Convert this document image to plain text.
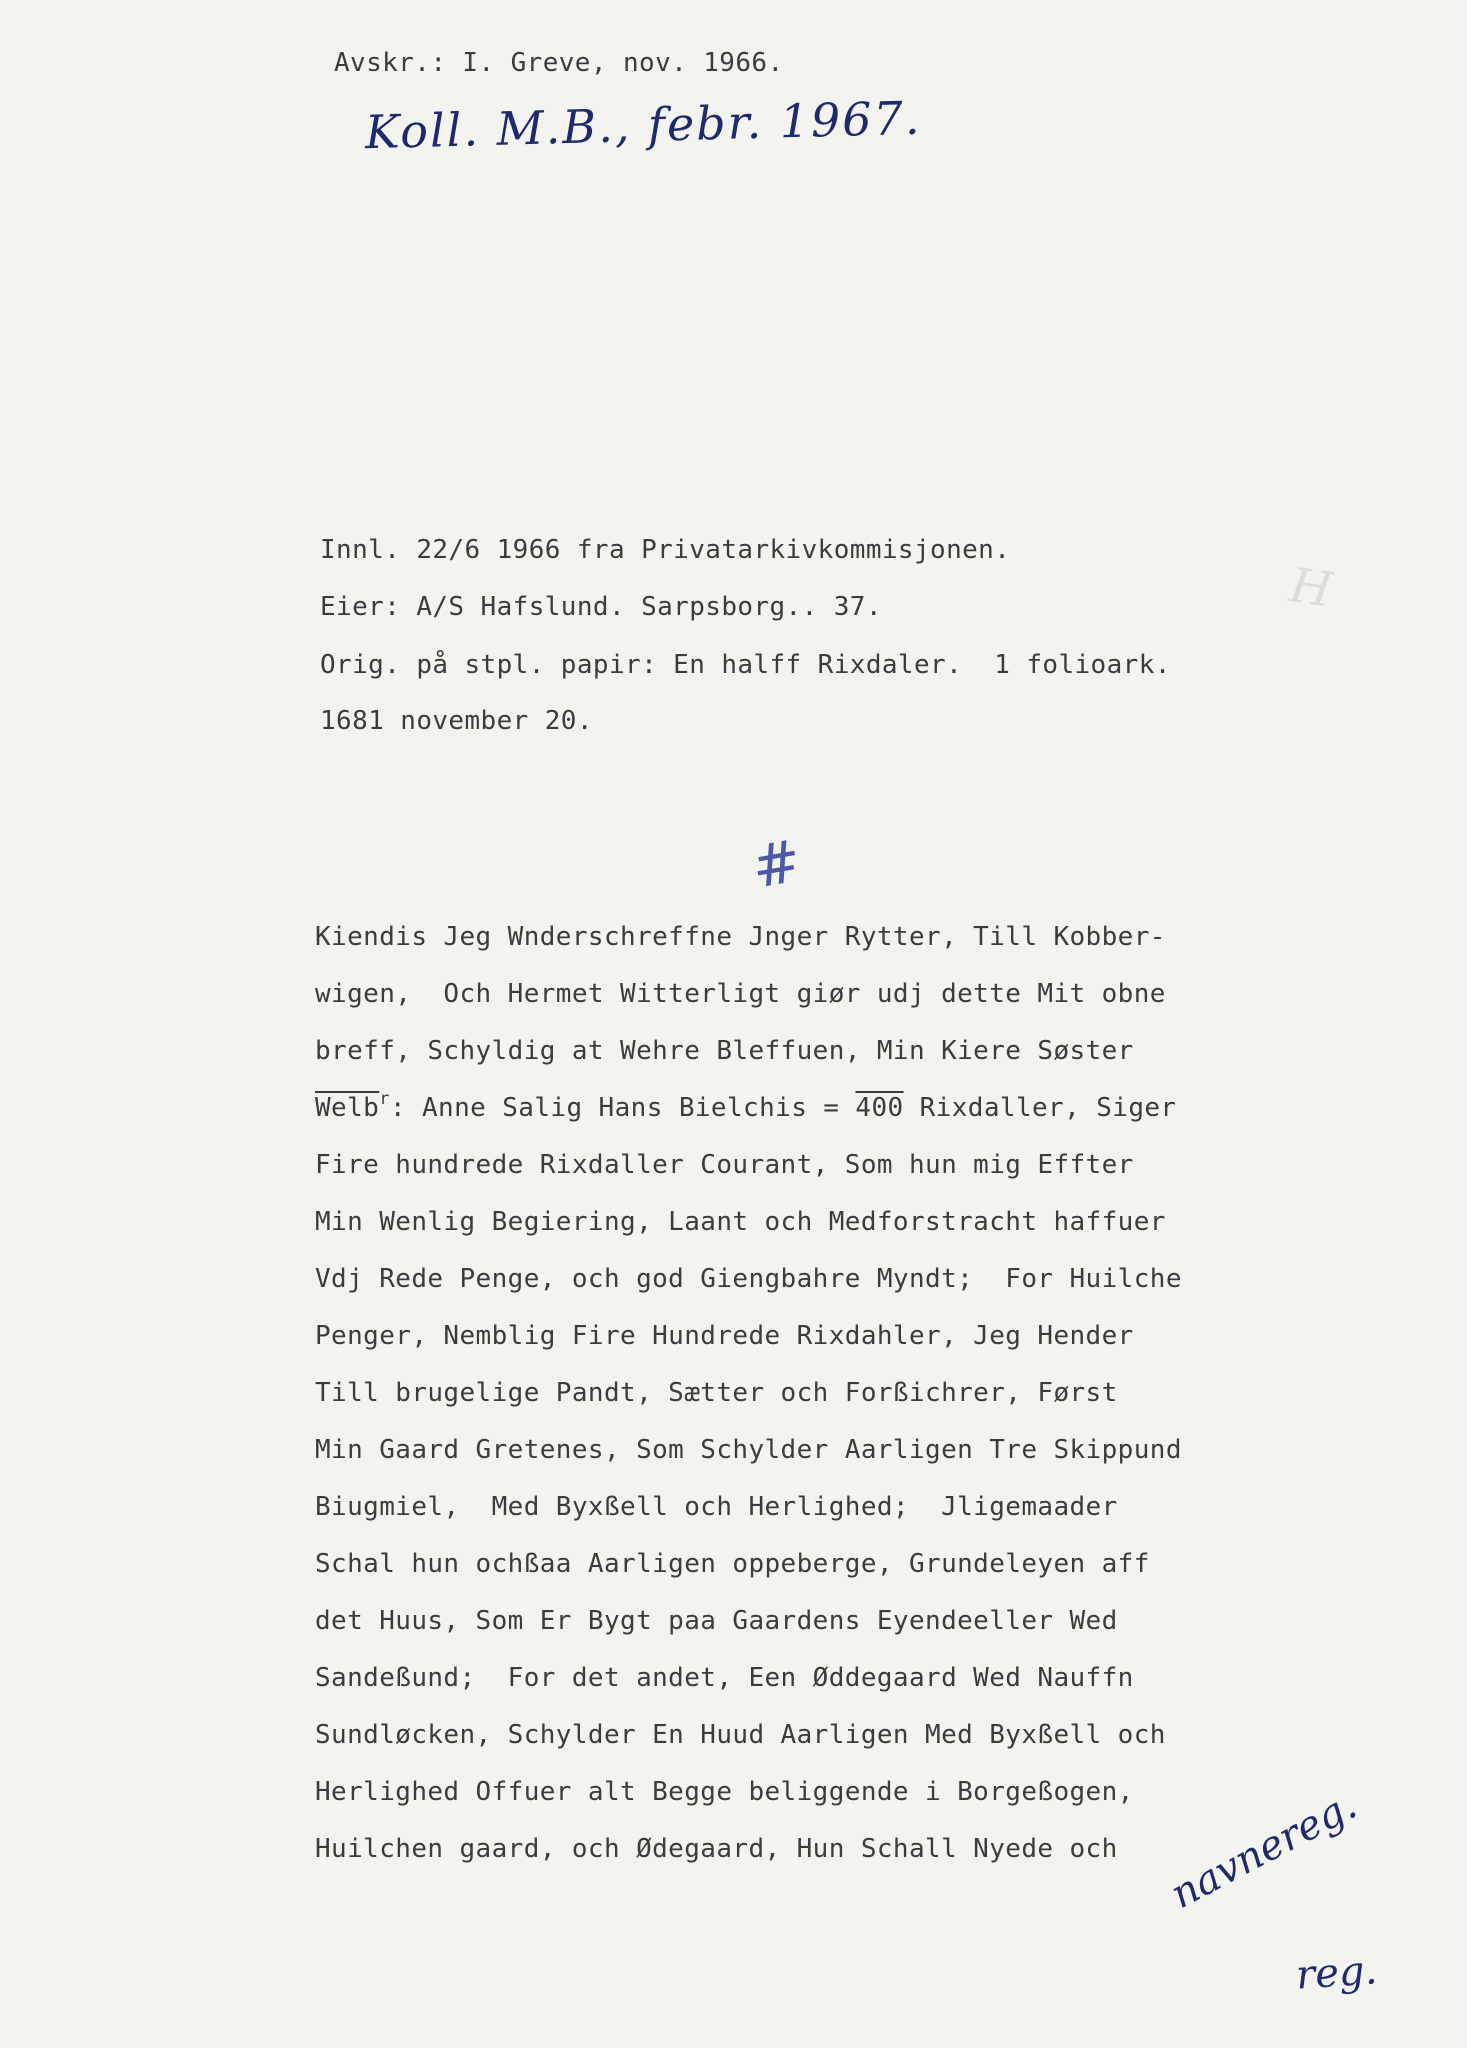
H
Avskr.: I. Greve, nov. 1966.
Koll. M.B., febr. 1967.
Innl. 22/6 1966 fra Privatarkivkommisjonen.
Eier: A/S Hafslund. Sarpsborg.. 37.
Orig. på stpl. papir: En halff Rixdaler.  1 folioark.
1681 november 20.
#
Kiendis Jeg Wnderschreffne Jnger Rytter, Till Kobber-
wigen,  Och Hermet Witterligt giør udj dette Mit obne
breff, Schyldig at Wehre Bleffuen, Min Kiere Søster
Welb$^r$: Anne Salig Hans Bielchis = 400 Rixdaller, Siger
Fire hundrede Rixdaller Courant, Som hun mig Effter
Min Wenlig Begiering, Laant och Medforstracht haffuer
Vdj Rede Penge, och god Giengbahre Myndt;  For Huilche
Penger, Nemblig Fire Hundrede Rixdahler, Jeg Hender
Till brugelige Pandt, Sætter och Forßichrer, Først
Min Gaard Gretenes, Som Schylder Aarligen Tre Skippund
Biugmiel,  Med Byxßell och Herlighed;  Jligemaader
Schal hun ochßaa Aarligen oppeberge, Grundeleyen aff
det Huus, Som Er Bygt paa Gaardens Eyendeeller Wed
Sandeßund;  For det andet, Een Øddegaard Wed Nauffn
Sundløcken, Schylder En Huud Aarligen Med Byxßell och
Herlighed Offuer alt Begge beliggende i Borgeßogen,
Huilchen gaard, och Ødegaard, Hun Schall Nyede och navnereg.
reg.
